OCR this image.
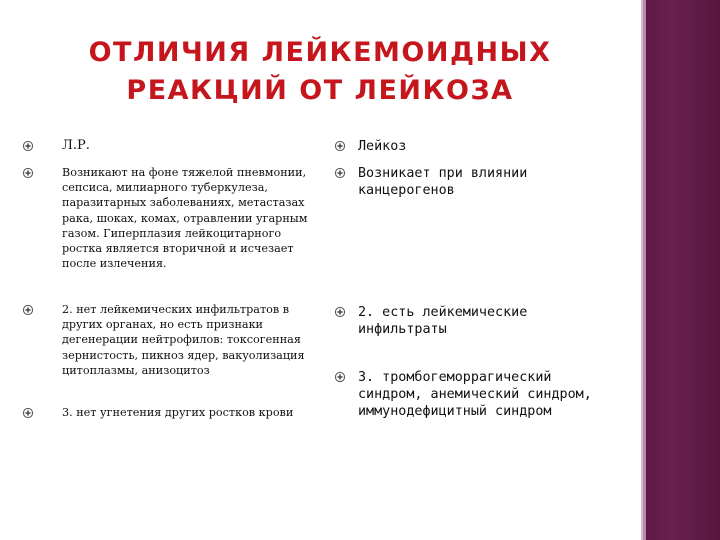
ОТЛИЧИЯ ЛЕЙКЕМОИДНЫХ
РЕАКЦИЙ ОТ ЛЕЙКОЗА
Л.Р.
Возникают на фоне тяжелой пневмонии, сепсиса, милиарного туберкулеза, паразитарных заболеваниях, метастазах рака, шоках, комах, отравлении угарным газом. Гиперплазия лейкоцитарного ростка является вторичной и исчезает после излечения.
2. нет лейкемических инфильтратов в других органах, но есть признаки дегенерации нейтрофилов: токсогенная зернистость, пикноз ядер, вакуолизация цитоплазмы, анизоцитоз
3. нет угнетения других ростков крови
Лейкоз
Возникает при влиянии канцерогенов
2. есть лейкемические инфильтраты
3. тромбогеморрагический синдром, анемический синдром, иммунодефицитный синдром
